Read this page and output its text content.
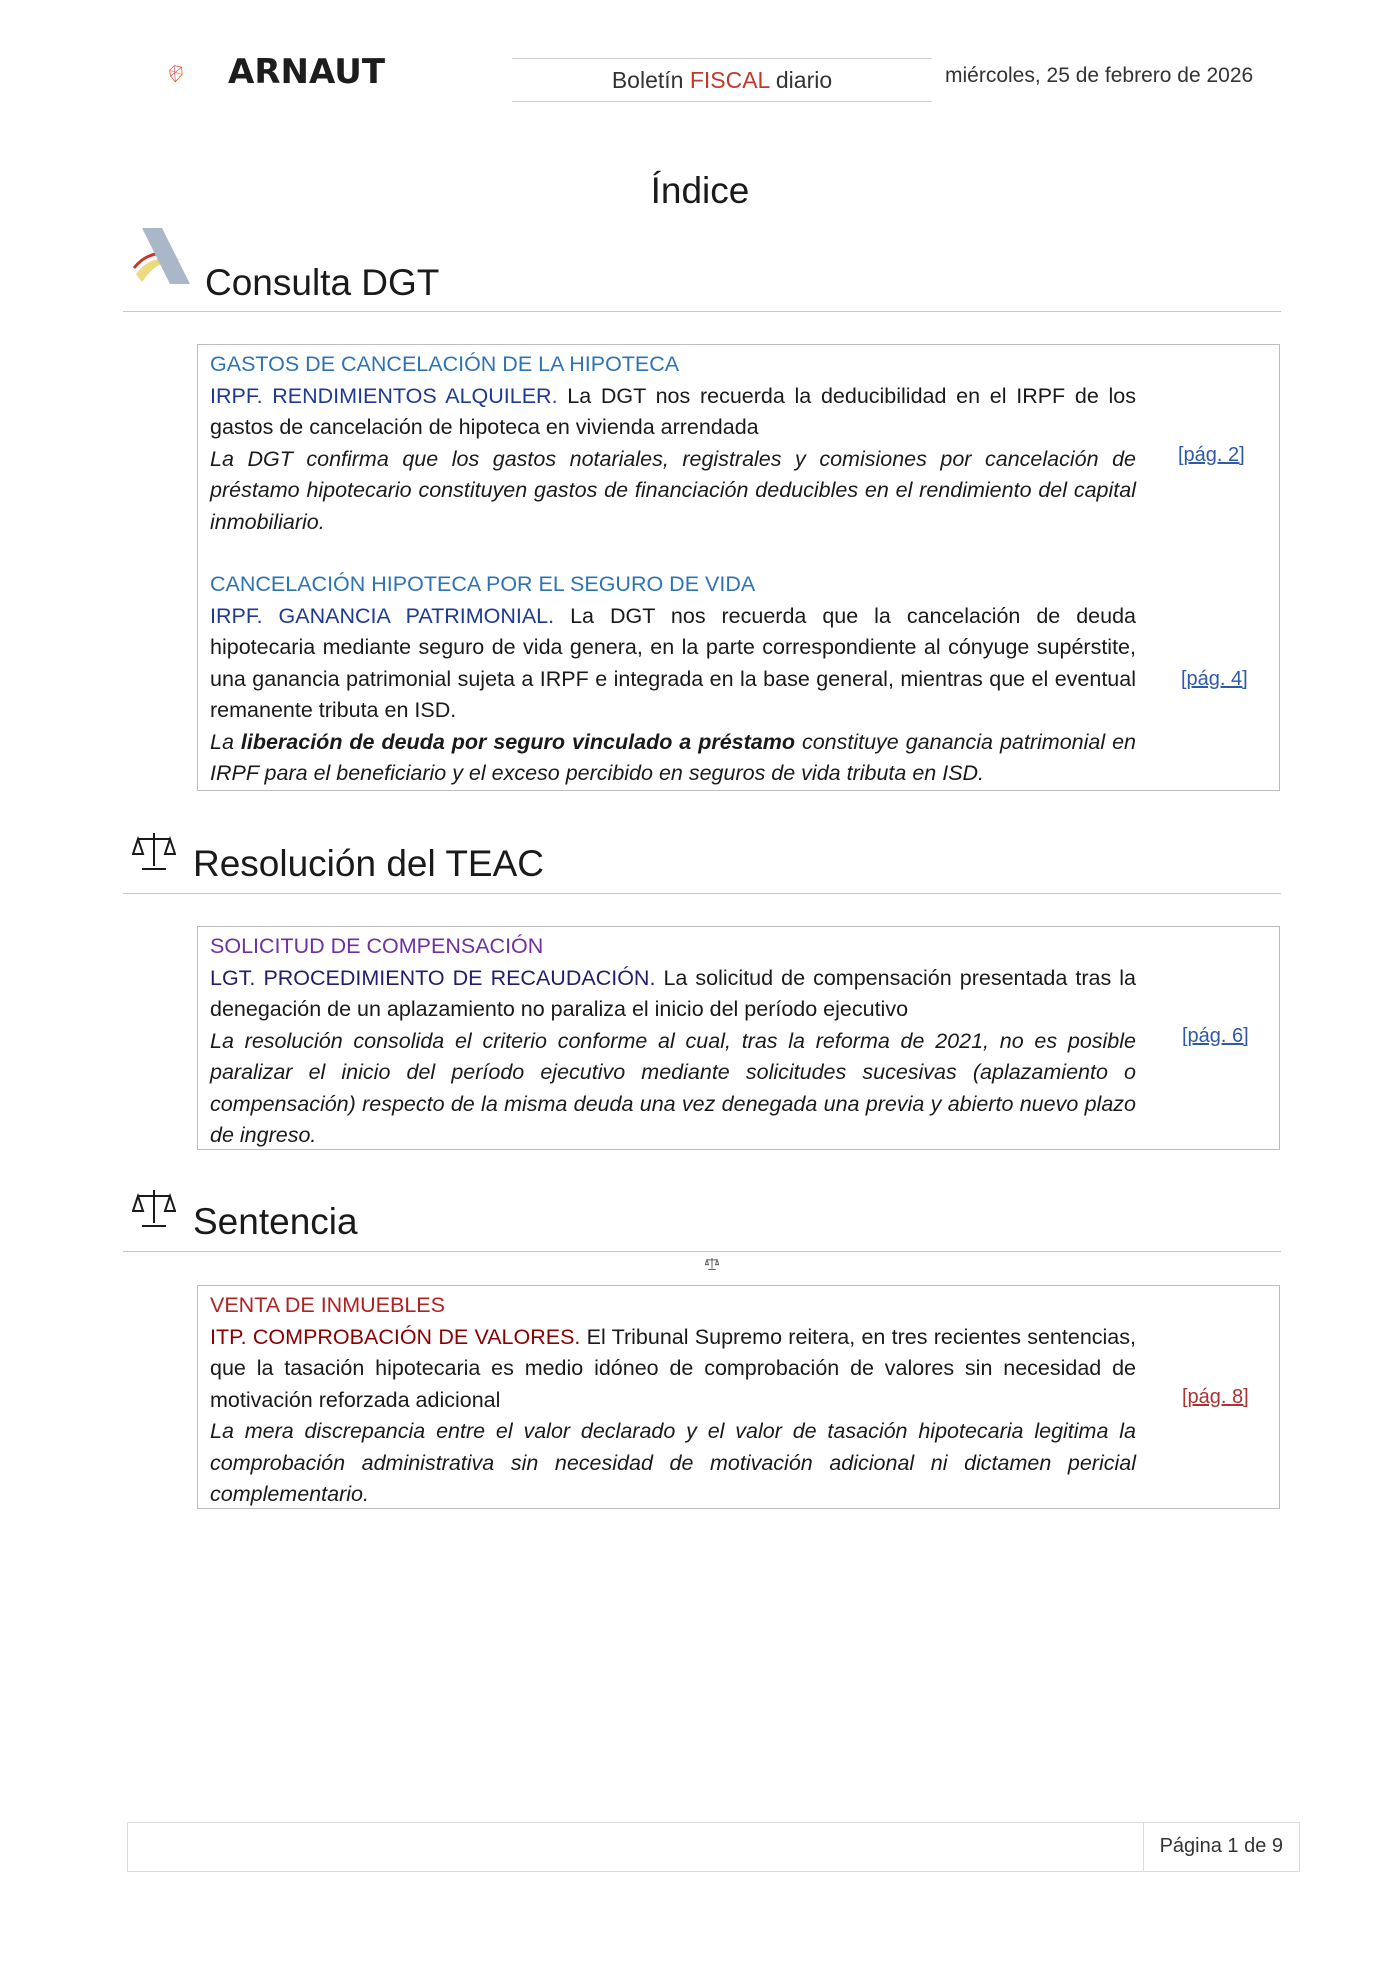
ARNAUT	Boletín FISCAL diario	miércoles, 25 de febrero de 2026
Índice
Consulta DGT
GASTOS DE CANCELACIÓN DE LA HIPOTECA
IRPF. RENDIMIENTOS ALQUILER. La DGT nos recuerda la deducibilidad en el IRPF de los gastos de cancelación de hipoteca en vivienda arrendada
La DGT confirma que los gastos notariales, registrales y comisiones por cancelación de préstamo hipotecario constituyen gastos de financiación deducibles en el rendimiento del capital inmobiliario.
[pág. 2]
CANCELACIÓN HIPOTECA POR EL SEGURO DE VIDA
IRPF. GANANCIA PATRIMONIAL. La DGT nos recuerda que la cancelación de deuda hipotecaria mediante seguro de vida genera, en la parte correspondiente al cónyuge supérstite, una ganancia patrimonial sujeta a IRPF e integrada en la base general, mientras que el eventual remanente tributa en ISD.
La liberación de deuda por seguro vinculado a préstamo constituye ganancia patrimonial en IRPF para el beneficiario y el exceso percibido en seguros de vida tributa en ISD.
[pág. 4]
Resolución del TEAC
SOLICITUD DE COMPENSACIÓN
LGT. PROCEDIMIENTO DE RECAUDACIÓN. La solicitud de compensación presentada tras la denegación de un aplazamiento no paraliza el inicio del período ejecutivo
La resolución consolida el criterio conforme al cual, tras la reforma de 2021, no es posible paralizar el inicio del período ejecutivo mediante solicitudes sucesivas (aplazamiento o compensación) respecto de la misma deuda una vez denegada una previa y abierto nuevo plazo de ingreso.
[pág. 6]
Sentencia
VENTA DE INMUEBLES
ITP. COMPROBACIÓN DE VALORES. El Tribunal Supremo reitera, en tres recientes sentencias, que la tasación hipotecaria es medio idóneo de comprobación de valores sin necesidad de motivación reforzada adicional
La mera discrepancia entre el valor declarado y el valor de tasación hipotecaria legitima la comprobación administrativa sin necesidad de motivación adicional ni dictamen pericial complementario.
[pág. 8]
Página 1 de 9
